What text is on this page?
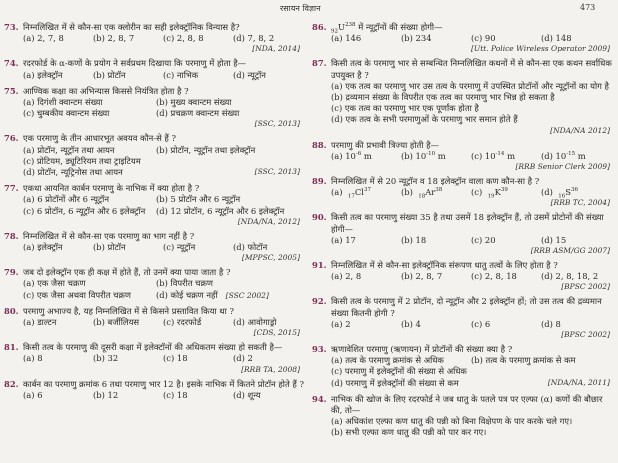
रसायन विज्ञान	473
73. निम्नलिखित में से कौन-सा एक क्लोरीन का सही इलेक्ट्रॉनिक विन्यास है?
(a) 2, 7, 8	(b) 2, 8, 7	(c) 2, 8, 8	(d) 7, 8, 2
[NDA, 2014]
74. रदरफोर्ड के α-कणों के प्रयोग ने सर्वप्रथम दिखाया कि परमाणु में होता है—
(a) इलेक्ट्रॉन	(b) प्रोटॉन	(c) नाभिक	(d) न्यूट्रॉन
75. आण्विक कक्षा का अभिन्यास किससे नियंत्रित होता है ?
(a) दिगंशी क्वान्टम संख्या	(b) मुख्य क्वान्टम संख्या
(c) चुम्बकीय क्वान्टम संख्या	(d) प्रचक्रण क्वान्टम संख्या
[SSC, 2013]
76. एक परमाणु के तीन आधारभूत अवयव कौन-से हैं ?
(a) प्रोटॉन, न्यूट्रॉन तथा आयन	(b) प्रोटॉन, न्यूट्रॉन तथा इलेक्ट्रॉन
(c) प्रोटियम, ड्यूटिरियम तथा ट्राइटियम
(d) प्रोटॉन, न्यूट्रिनोस तथा आयन	[SSC, 2013]
77. एकधा आयनित कार्बन परमाणु के नाभिक में क्या होता है ?
(a) 6 प्रोटॉनों और 6 न्यूट्रॉन	(b) 5 प्रोटॉन और 6 न्यूट्रॉन
(c) 6 प्रोटॉन, 6 न्यूट्रॉन और 6 इलेक्ट्रॉन	(d) 12 प्रोटॉन, 6 न्यूट्रॉन और 6 इलेक्ट्रॉन
[NDA/NA, 2012]
78. निम्नलिखित में से कौन-सा एक परमाणु का भाग नहीं है ?
(a) इलेक्ट्रॉन	(b) प्रोटॉन	(c) न्यूट्रॉन	(d) फोटॉन
[MPPSC, 2005]
79. जब दो इलेक्ट्रॉन एक ही कक्ष में होते हैं, तो उनमें क्या पाया जाता है ?
(a) एक जैसा चक्रण	(b) विपरीत चक्रण
(c) एक जैसा अथवा विपरीत चक्रण	(d) कोई चक्रण नहीं [SSC 2002]
80. परमाणु अभाज्य है, यह निम्नलिखित में से किसने प्रस्तावित किया था ?
(a) डाल्टन	(b) बर्जीलियस	(c) रदरफोर्ड	(d) आवोगाड्रो
[CDS, 2015]
81. किसी तत्व के परमाणु की दूसरी कक्षा में इलेक्टॉनों की अधिकतम संख्या हो सकती है—
(a) 8	(b) 32	(c) 18	(d) 2
[RRB TA, 2008]
82. कार्बन का परमाणु क्रमांक 6 तथा परमाणु भार 12 है। इसके नाभिक में कितने प्रोटॉन होते हैं ?
(a) 6	(b) 12	(c) 18	(d) शून्य
86. $_{92}U^{238}$ में न्यूट्रॉनों की संख्या होगी—
(a) 146	(b) 234	(c) 90	(d) 148
[Utt. Police Wireless Operator 2009]
87. किसी तत्व के परमाणु भार से सम्बन्धित निम्नलिखित कथनों में से कौन-सा एक कथन सर्वाधिक उपयुक्त है ?
(a) एक तत्व का परमाणु भार उस तत्व के परमाणु में उपस्थित प्रोटॉनों और न्यूट्रॉनों का योग है
(b) द्रव्यमान संख्या के विपरीत एक तत्व का परमाणु भार भिन्न हो सकता है
(c) एक तत्व का परमाणु भार एक पूर्णांक होता है
(d) एक तत्व के सभी परमाणुओं के परमाणु भार समान होते हैं
[NDA/NA 2012]
88. परमाणु की प्रभावी त्रिज्या होती है—
(a) $10^{-6}$ m	(b) $10^{-10}$ m	(c) $10^{-14}$ m	(d) $10^{-15}$ m
[RRB Senior Clerk 2009]
89. निम्नलिखित में से 20 न्यूट्रॉन व 18 इलेक्ट्रॉन वाला कण कौन-सा है ?
(a) $_{17}Cl^{37}$	(b) $_{18}Ar^{38}$	(c) $_{19}K^{39}$	(d) $_{16}S^{36}$
[RRB TC, 2004]
90. किसी तत्व का परमाणु संख्या 35 है तथा उसमें 18 इलेक्ट्रॉन हैं, तो उसमें प्रोटोनों की संख्या होगी—
(a) 17	(b) 18	(c) 20	(d) 15
[RRB ASM/GG 2007]
91. निम्नलिखित में से कौन-सा इलेक्ट्रॉनिक संरूपण धातु तत्वों के लिए होता है ?
(a) 2, 8	(b) 2, 8, 7	(c) 2, 8, 18	(d) 2, 8, 18, 2
[BPSC 2002]
92. किसी तत्व के परमाणु में 2 प्रोटॉन, दो न्यूट्रॉन और 2 इलेक्ट्रॉन हों; तो उस तत्व की द्रव्यमान संख्या कितनी होगी ?
(a) 2	(b) 4	(c) 6	(d) 8
[BPSC 2002]
93. ऋणावेशित परमाणु (ऋणायन) में प्रोटॉनों की संख्या क्या है ?
(a) तत्व के परमाणु क्रमांक से अधिक	(b) तत्व के परमाणु क्रमांक से कम
(c) परमाणु में इलेक्ट्रॉनों की संख्या से अधिक
(d) परमाणु में इलेक्ट्रॉनों की संख्या से कम	[NDA/NA, 2011]
94. नाभिक की खोज के लिए रदरफोर्ड ने जब धातु के पतले पत्र पर एल्फा (α) कणों की बौछार की, तो—
(a) अधिकांश एल्फा कण धातु की पन्नी को बिना विक्षेपण के पार करके चले गए।
(b) सभी एल्फा कण धातु की पन्नी को पार कर गए।
